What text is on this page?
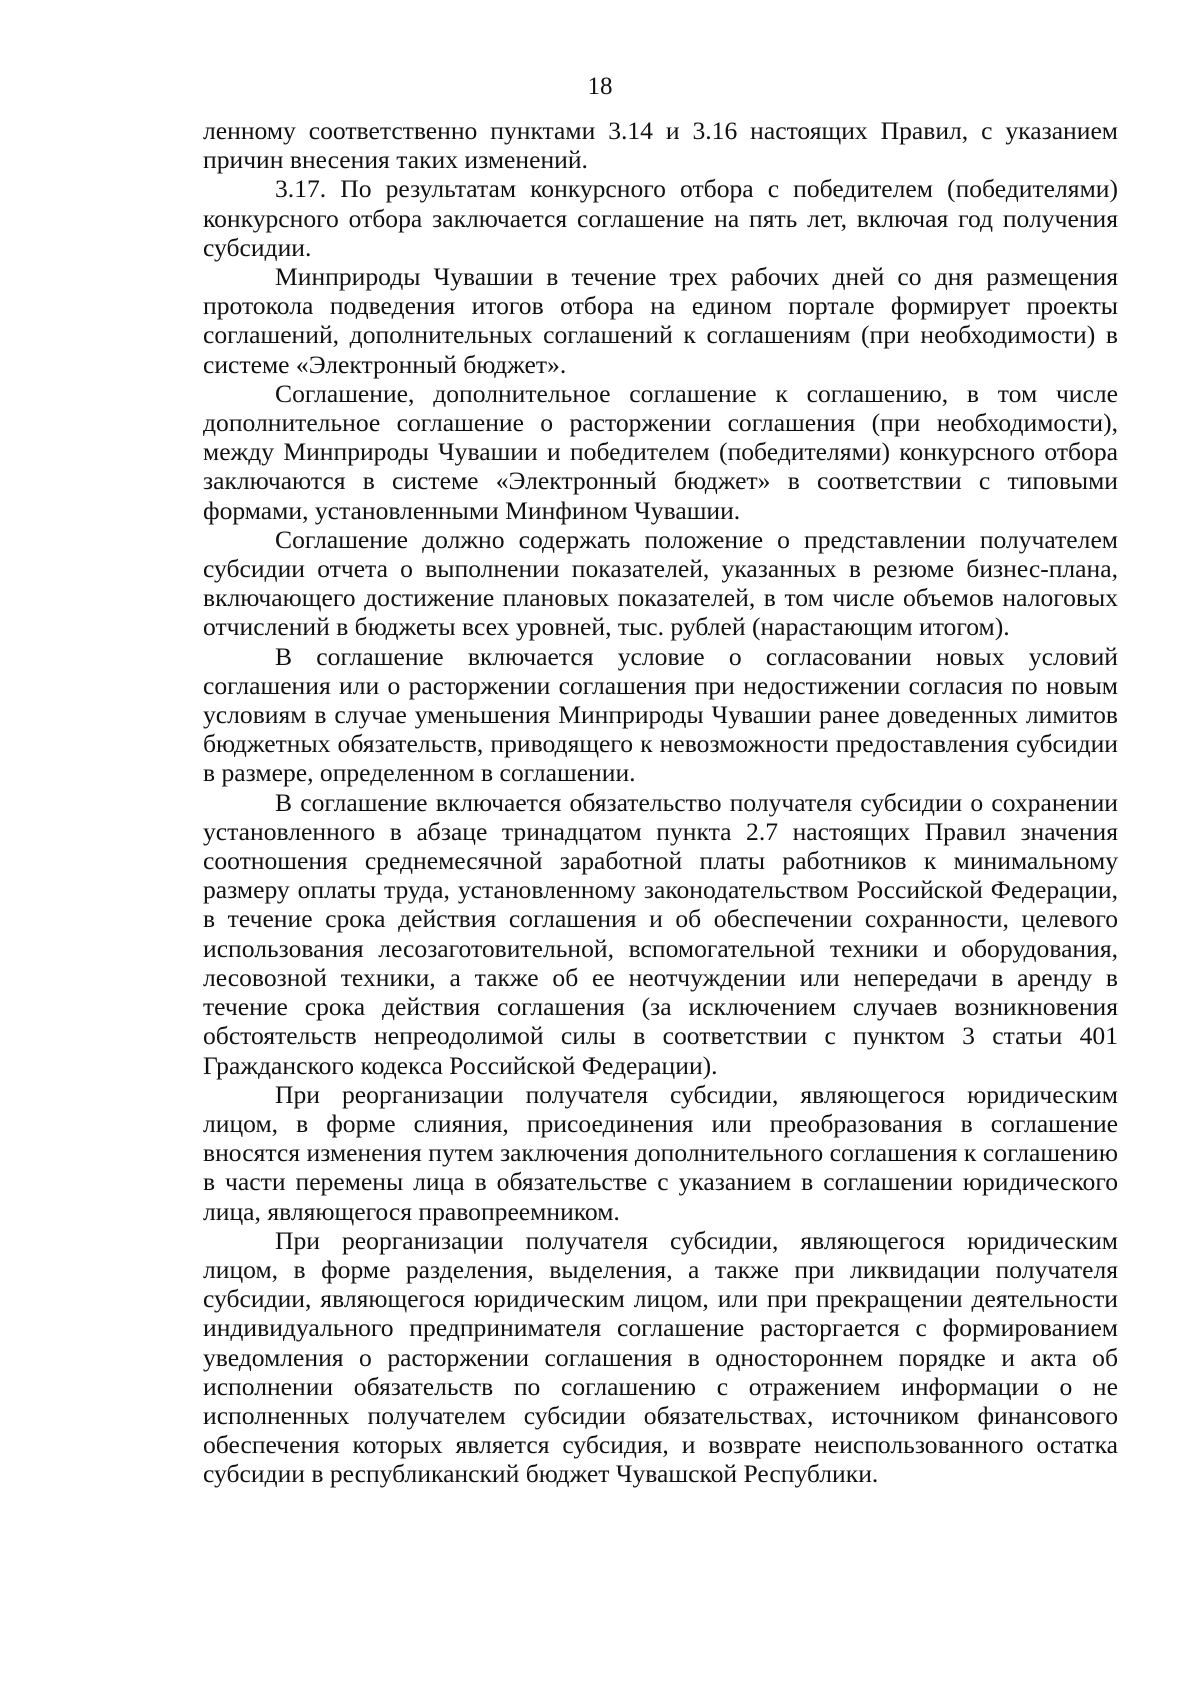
18

ленному соответственно пунктами 3.14 и 3.16 настоящих Правил, с указанием причин внесения таких изменений.

3.17. По результатам конкурсного отбора с победителем (победителями) конкурсного отбора заключается соглашение на пять лет, включая год получения субсидии.

Минприроды Чувашии в течение трех рабочих дней со дня размещения протокола подведения итогов отбора на едином портале формирует проекты соглашений, дополнительных соглашений к соглашениям (при необходимости) в системе «Электронный бюджет».

Соглашение, дополнительное соглашение к соглашению, в том числе дополнительное соглашение о расторжении соглашения (при необходимости), между Минприроды Чувашии и победителем (победителями) конкурсного отбора заключаются в системе «Электронный бюджет» в соответствии с типовыми формами, установленными Минфином Чувашии.

Соглашение должно содержать положение о представлении получателем субсидии отчета о выполнении показателей, указанных в резюме бизнес-плана, включающего достижение плановых показателей, в том числе объемов налоговых отчислений в бюджеты всех уровней, тыс. рублей (нарастающим итогом).

В соглашение включается условие о согласовании новых условий соглашения или о расторжении соглашения при недостижении согласия по новым условиям в случае уменьшения Минприроды Чувашии ранее доведенных лимитов бюджетных обязательств, приводящего к невозможности предоставления субсидии в размере, определенном в соглашении.

В соглашение включается обязательство получателя субсидии о сохранении установленного в абзаце тринадцатом пункта 2.7 настоящих Правил значения соотношения среднемесячной заработной платы работников к минимальному размеру оплаты труда, установленному законодательством Российской Федерации, в течение срока действия соглашения и об обеспечении сохранности, целевого использования лесозаготовительной, вспомогательной техники и оборудования, лесовозной техники, а также об ее неотчуждении или непередачи в аренду в течение срока действия соглашения (за исключением случаев возникновения обстоятельств непреодолимой силы в соответствии с пунктом 3 статьи 401 Гражданского кодекса Российской Федерации).

При реорганизации получателя субсидии, являющегося юридическим лицом, в форме слияния, присоединения или преобразования в соглашение вносятся изменения путем заключения дополнительного соглашения к соглашению в части перемены лица в обязательстве с указанием в соглашении юридического лица, являющегося правопреемником.

При реорганизации получателя субсидии, являющегося юридическим лицом, в форме разделения, выделения, а также при ликвидации получателя субсидии, являющегося юридическим лицом, или при прекращении деятельности индивидуального предпринимателя соглашение расторгается с формированием уведомления о расторжении соглашения в одностороннем порядке и акта об исполнении обязательств по соглашению с отражением информации о не исполненных получателем субсидии обязательствах, источником финансового обеспечения которых является субсидия, и возврате неиспользованного остатка субсидии в республиканский бюджет Чувашской Республики.
